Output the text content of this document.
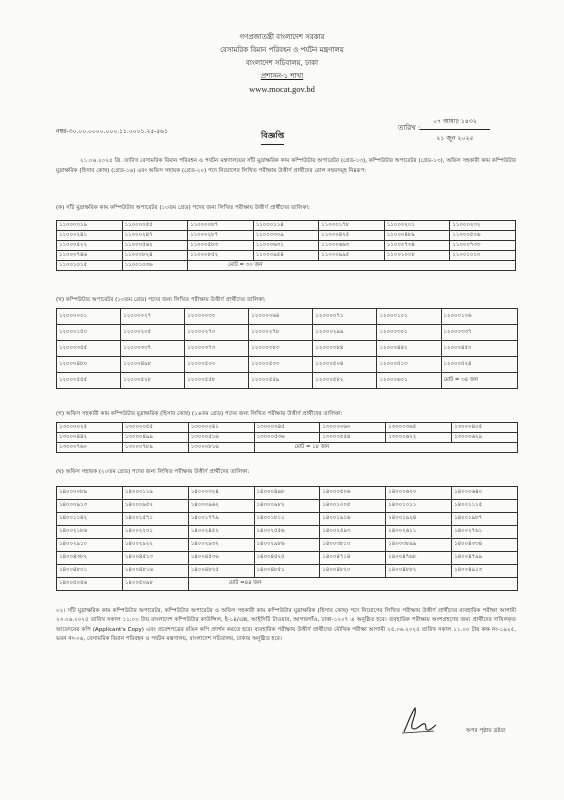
গণপ্রজাতন্ত্রী বাংলাদেশ সরকার
বেসামরিক বিমান পরিবহন ও পর্যটন মন্ত্রণালয়
বাংলাদেশ সচিবালয়, ঢাকা
প্রশাসন-১ শাখা
www.mocat.gov.bd
নম্বর-৩০.০০.০০০০.০০০.১১.০০০১.২৫-৫৬১	তারিখ :
০৭ আষাঢ় ১৪৩২
২১ জুন ২০২৫
বিজ্ঞপ্তি
২১.০৬.২০২৫ খ্রি. তারিখ বেসামরিক বিমান পরিবহন ও পর্যটন মন্ত্রণালয়ের সাঁট মুদ্রাক্ষরিক কাম কম্পিউটার অপারেটর (গ্রেড-১৩), কম্পিউটার অপারেটর (গ্রেড-১৩), অফিস সহকারী কাম কম্পিউটার মুদ্রাক্ষরিক (হিসাব কোষ) (গ্রেড-১৬) এবং অফিস সহায়ক (গ্রেড-২০) পদে নিয়োগের লিখিত পরীক্ষায় উত্তীর্ণ প্রার্থীদের রোল নম্বরসমূহ নিম্নরূপ:
(ক) সাঁট মুদ্রাক্ষরিক কাম কম্পিউটার অপারেটর (১৩তম গ্রেড) পদের জন্য লিখিত পরীক্ষায় উত্তীর্ণ প্রার্থীদের তালিকা:
১১০০০০১৯	১১০০০০৫৫	১১০০০০৮৭	১১০০০১১৪	১১০০০১৭৮	১১০০০২০১	১১০০০২৩২
১১০০০২৪১	১১০০০২৪৭	১১০০০২৮৭	১১০০০৩০৯	১১০০০৪২৫	১১০০০৪৮৯	১১০০০৫০৬
১১০০০৫২২	১১০০০৫৬২	১১০০০৫৮৩	১১০০০৬৩১	১১০০০৬৬৩	১১০০০৭৩৪	১১০০০৭৩৩
১১০০০৭৪৬	১১০০০৮২৪	১১০০০৮৫২	১১০০০৯৫৪	১১০০০৯৯৫	১১০০১০০৮	১১০০১০১০
১১০০১০১৫	১১০০১০৩৬	মোট = ৩০ জন				
(খ) কম্পিউটার অপারেটর (১৩তম গ্রেড) পদের জন্য লিখিত পরীক্ষায় উত্তীর্ণ প্রার্থীদের তালিকা:
১২০০০০০১	১২০০০০২৭	১২০০০০৩০	১২০০০০৬৪	১২০০০০৭১	১২০০০১০১	১২০০০১০৬
১২০০০১৫০	১২০০০২০৫	১২০০০২৭০	১২০০০২৭৮	১২০০০২৯৯	১২০০০৩০১	১২০০০৩৩৭
১২০০০৩৫৫	১২০০০৩৩৭	১২০০০৩৭৩	১২০০০৩৮৩	১২০০০৩৮৪	১২০০০৪৪২	১২০০০৪৫০
১২০০০৪৮০	১২০০০৪৯৮	১২০০০৫০০	১২০০০৫০৩	১২০০০৫০৪	১২০০০৫১৩	১২০০০৫২৪
১২০০০৫৫৫	১২০০০৫২৮	১২০০০৫৫৮	১২০০০৫৫৯	১২০০০৫৮২	১২০০০৬০১	মোট = ৩৪ জন
(গ) অফিস সহকারী কাম কম্পিউটার মুদ্রাক্ষরিক (হিসাব কোষ) (১৬তম গ্রেড) পদের জন্য লিখিত পরীক্ষায় উত্তীর্ণ প্রার্থীদের তালিকা:
১৩০০০০২৫	১৩০০০০৫৫	১৩০০০০৪১	১৩০০০০৪৫	১৩০০০০৬০	১৩০০০৩৬৫	১৩০০০৪০৫
১৩০০০৪৪২	১৩০০০৪৯৯	১৩০০০৫১৬	১৩০০০৫৩৬	১৩০০০৫৫৪	১৩০০০৬২২	১৩০০০৬২৯
১৩০০০৭৬০	১৩০০০৭৮৯	১৩০০০৮১৬	মোট = ১৮ জন			
(ঘ) অফিস সহায়ক (২০তম গ্রেড) পদের জন্য লিখিত পরীক্ষায় উত্তীর্ণ প্রার্থীদের তালিকা:
১৪০০০০৮৯	১৪০০০১১৯	১৪০০০৩২৪	১৪০০০৪৯৮	১৪০০০৫০৬	১৪০০০৬২০	১৪০০০৬৪০
১৪০০০৯১৩	১৪০০০৯৫২	১৪০০০৯৬২	১৪০০০৯৮২	১৪০০১০০৫	১৪০০১০১১	১৪০০১১১৫
১৪০০১১৪২	১৪০০১৫৭১	১৪০০১৭৭৯	১৪০০১৮১১	১৪০০১৯১৬	১৪০০১৯২৪	১৪০০১৯৮৭
১৪০০২১৮৬	১৪০০২২০১	১৪০০২৪৫২	১৪০০২৫৫৬	১৪০০২৫৯৩	১৪০০২৬১১	১৪০০২৭৬১
১৪০০২৯১০	১৪০০২৯২২	১৪০০২৯৩২	১৪০০২৯৮৬	১৪০০৩৮১০	১৪০০৩৮৯৯	১৪০০৪৩৩৪
১৪০০৪৩৮২	১৪০০৪৫১৩	১৪০০৪৫০৬	১৪০০৪৫২৫	১৪০০৪৭১৪	১৪০০৪৭৬৮	১৪০০৪৭৯৯
১৪০০৪৮০১	১৪০০৪৮১৬	১৪০০৪৮২৫	১৪০০৪৮৫১	১৪০০৪৮২০	১৪০০৪৮৮২	১৪০০৪৯১৩
১৪০০৫০৫৬	১৪০০৫০৯৮	মোট =৪৪ জন				
০২। সাঁট মুদ্রাক্ষরিক কাম কম্পিউটার অপারেটর, কম্পিউটার অপারেটর ও অফিস সহকারী কাম কম্পিউটার মুদ্রাক্ষরিক (হিসাব কোষ) পদে নিয়োগের লিখিত পরীক্ষায় উত্তীর্ণ প্রার্থীদের ব্যবহারিক পরীক্ষা আগামী ২৩.০৬.২০২৫ তারিখ সকাল ১১:০০ টায় বাংলাদেশ কম্পিউটার কাউন্সিল, ই-১৪/এক্স, আইসিটি টাওয়ার, আগারগাঁও, ঢাকা-১২০৭ এ অনুষ্ঠিত হবে। ব্যবহারিক পরীক্ষায় অংশগ্রহণের জন্য প্রার্থীদের দাখিলকৃত আবেদনের কপি (Applicant's Copy) এবং প্রবেশপত্রের রঙিন কপি প্রদর্শন করতে হবে। ব্যবহারিক পরীক্ষায় উত্তীর্ণ প্রার্থীদের মৌখিক পরীক্ষা আগামী ২৫.০৬.২০২৫ তারিখ সকাল ১১.০০ টায় কক্ষ নং-১৯২৫, ভবন নং-০৬, বেসামরিক বিমান পরিবহন ও পর্যটন মন্ত্রণালয়, বাংলাদেশ সচিবালয়, ঢাকায় অনুষ্ঠিত হবে।
অপর পৃষ্ঠায় দ্রষ্টব্য
